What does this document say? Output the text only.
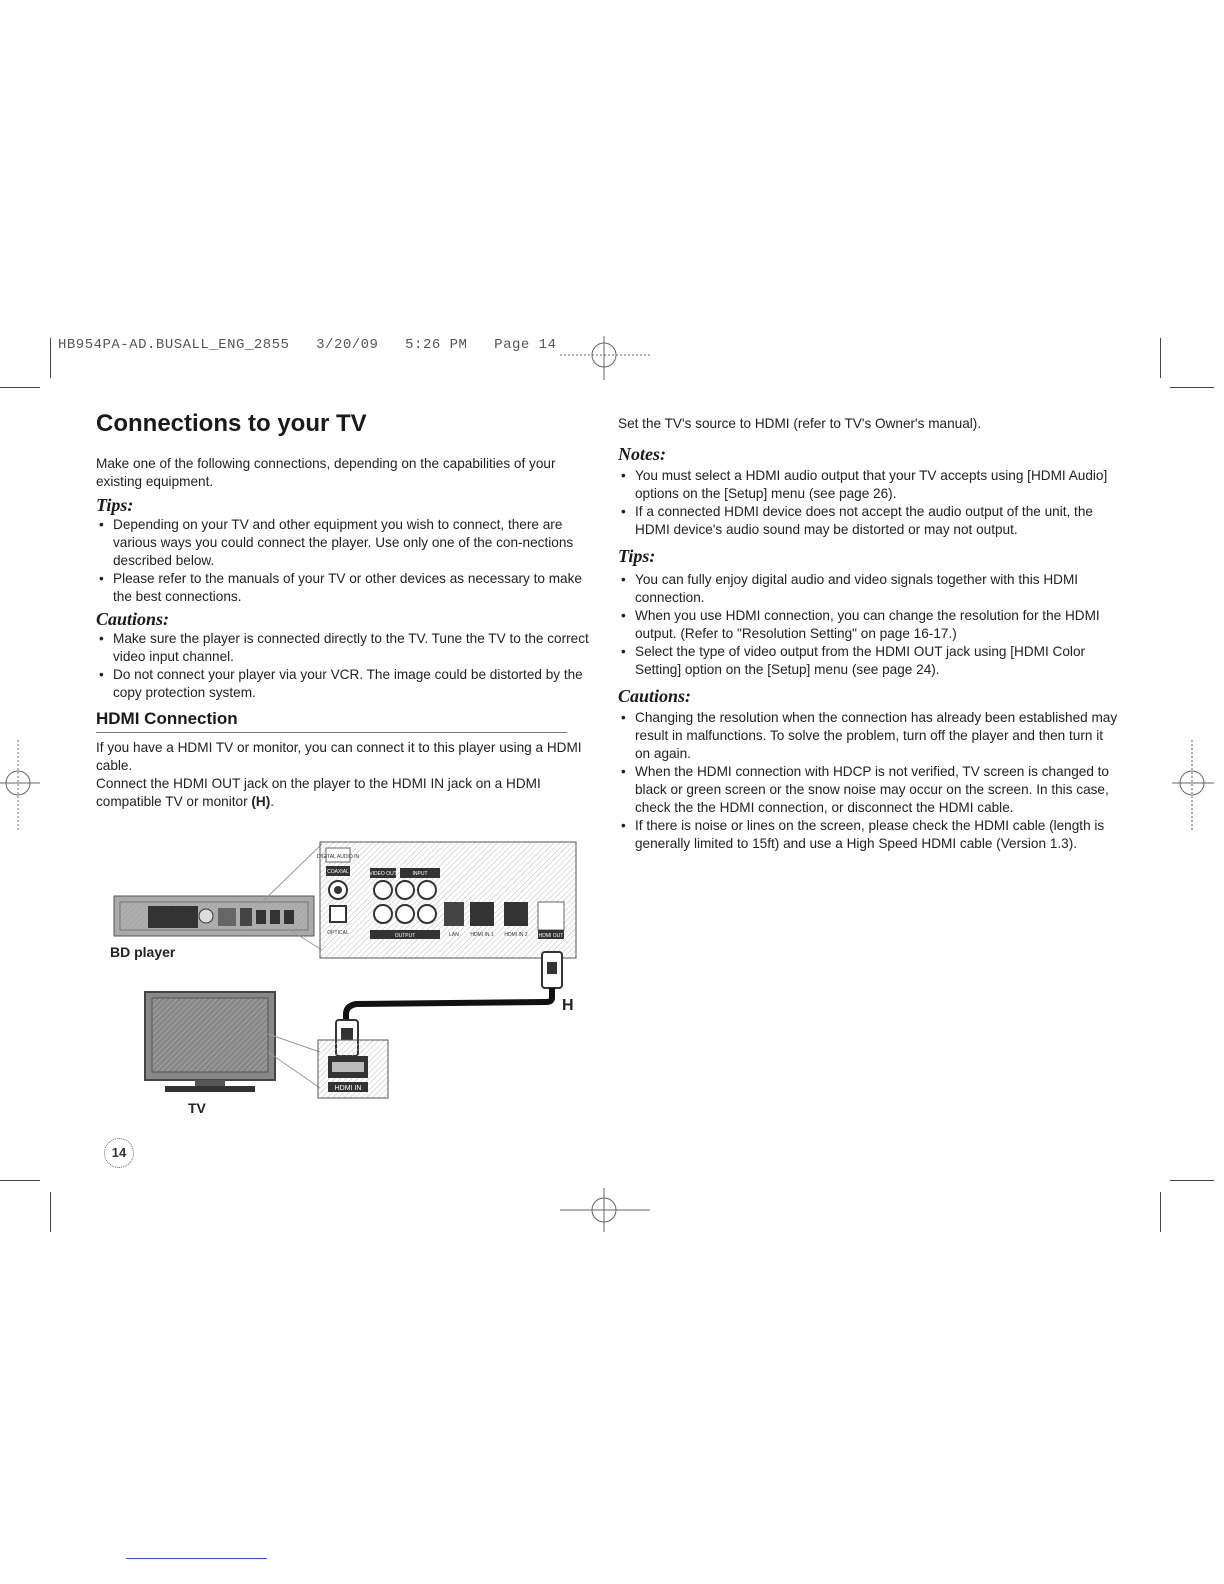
HB954PA-AD.BUSALL_ENG_2855   3/20/09   5:26 PM   Page 14
Connections to your TV

Make one of the following connections, depending on the capabilities of your existing equipment.

Tips:
• Depending on your TV and other equipment you wish to connect, there are various ways you could connect the player. Use only one of the con-nections described below.
• Please refer to the manuals of your TV or other devices as necessary to make the best connections.
Cautions:
• Make sure the player is connected directly to the TV. Tune the TV to the correct video input channel.
• Do not connect your player via your VCR. The image could be distorted by the copy protection system.
HDMI Connection

If you have a HDMI TV or monitor, you can connect it to this player using a HDMI cable.

Connect the HDMI OUT jack on the player to the HDMI IN jack on a HDMI compatible TV or monitor (H).

DIGITAL AUDIO IN
COAXIAL
OPTICAL
VIDEO OUT	INPUT
OUTPUT	LAN HDMI IN 1 HDMI IN 2 HDMI OUT
H
HDMI IN
BD player
TV

Set the TV's source to HDMI (refer to TV's Owner's manual).

Notes:
• You must select a HDMI audio output that your TV accepts using [HDMI Audio] options on the [Setup] menu (see page 26).
• If a connected HDMI device does not accept the audio output of the unit, the HDMI device's audio sound may be distorted or may not output.
Tips:
• You can fully enjoy digital audio and video signals together with this HDMI connection.
• When you use HDMI connection, you can change the resolution for the HDMI output. (Refer to "Resolution Setting" on page 16-17.)
• Select the type of video output from the HDMI OUT jack using [HDMI Color Setting] option on the [Setup] menu (see page 24).
Cautions:
• Changing the resolution when the connection has already been established may result in malfunctions. To solve the problem, turn off the player and then turn it on again.
• When the HDMI connection with HDCP is not verified, TV screen is changed to black or green screen or the snow noise may occur on the screen. In this case, check the the HDMI connection, or disconnect the HDMI cable.
• If there is noise or lines on the screen, please check the HDMI cable (length is generally limited to 15ft) and use a High Speed HDMI cable (Version 1.3).
14
